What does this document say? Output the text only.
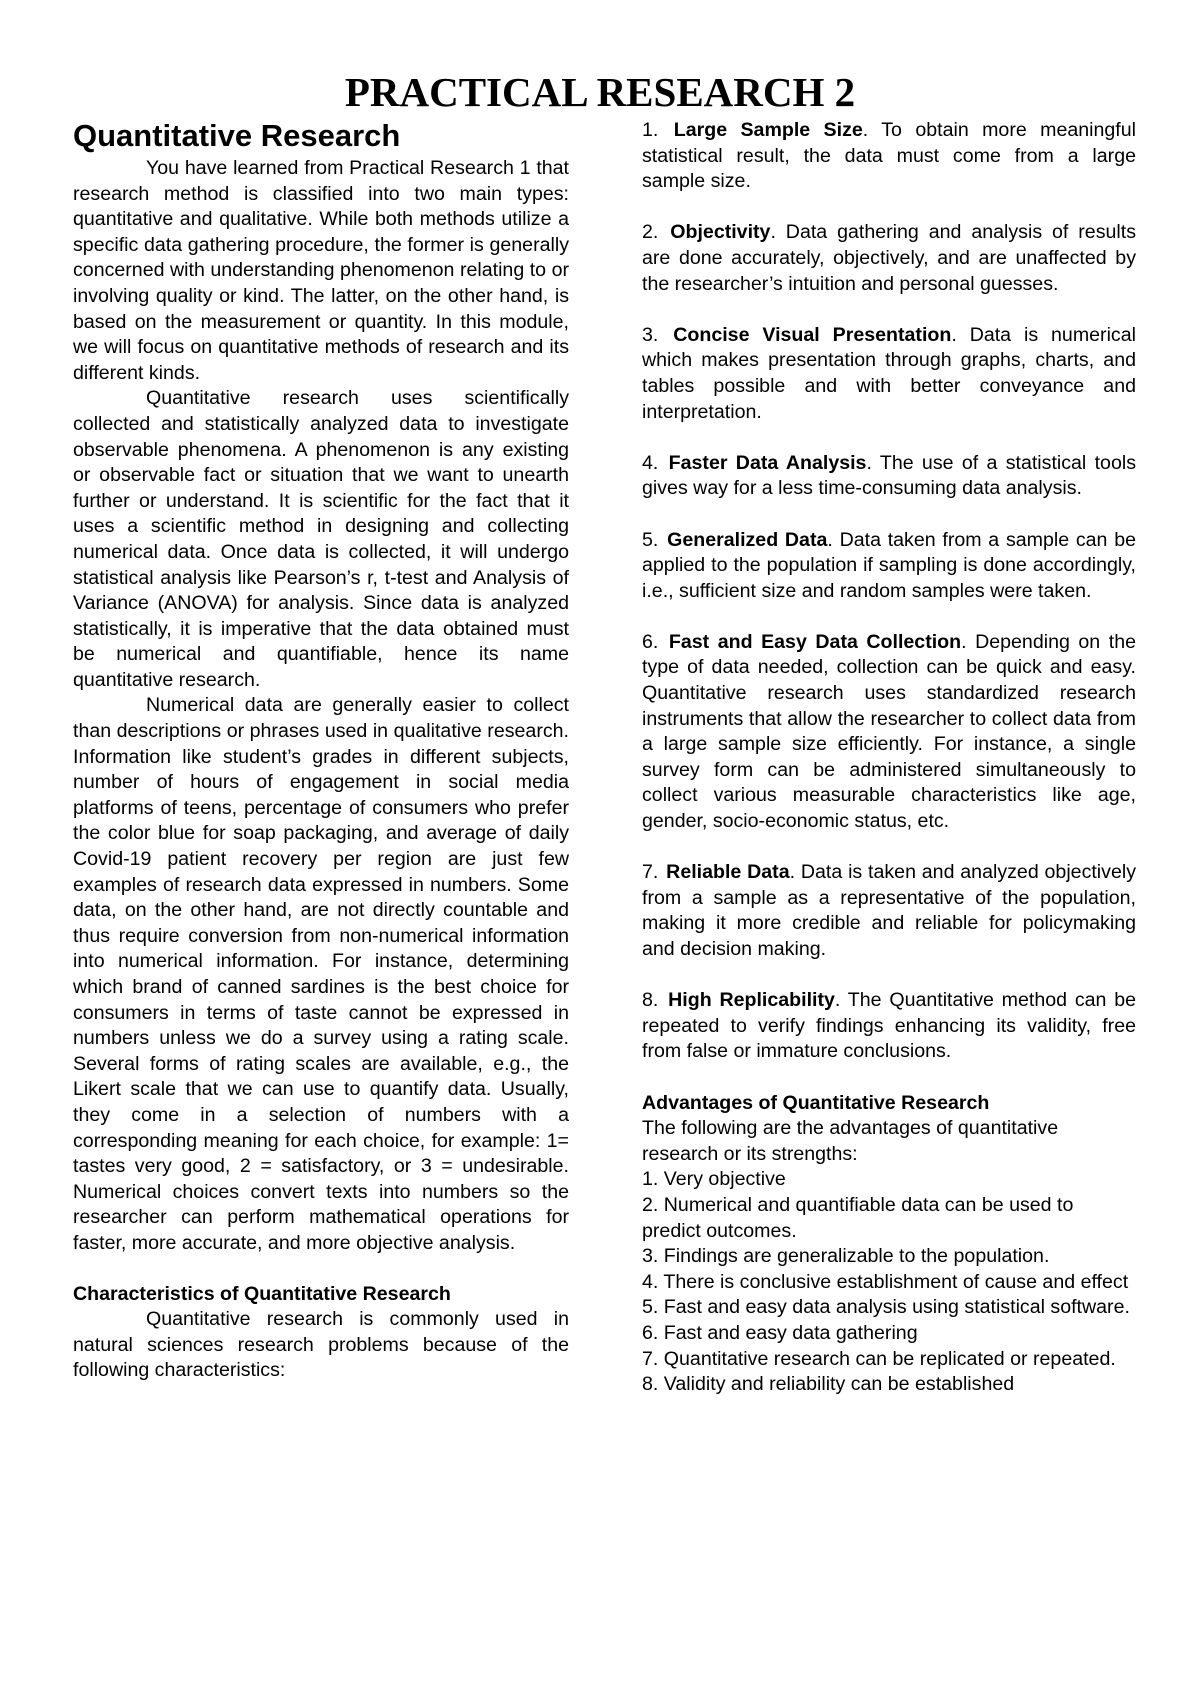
PRACTICAL RESEARCH 2
Quantitative Research

You have learned from Practical Research 1 that research method is classified into two main types: quantitative and qualitative. While both methods utilize a specific data gathering procedure, the former is generally concerned with understanding phenomenon relating to or involving quality or kind. The latter, on the other hand, is based on the measurement or quantity. In this module, we will focus on quantitative methods of research and its different kinds.

Quantitative research uses scientifically collected and statistically analyzed data to investigate observable phenomena. A phenomenon is any existing or observable fact or situation that we want to unearth further or understand. It is scientific for the fact that it uses a scientific method in designing and collecting numerical data. Once data is collected, it will undergo statistical analysis like Pearson’s r, t-test and Analysis of Variance (ANOVA) for analysis. Since data is analyzed statistically, it is imperative that the data obtained must be numerical and quantifiable, hence its name quantitative research.

Numerical data are generally easier to collect than descriptions or phrases used in qualitative research. Information like student’s grades in different subjects, number of hours of engagement in social media platforms of teens, percentage of consumers who prefer the color blue for soap packaging, and average of daily Covid-19 patient recovery per region are just few examples of research data expressed in numbers. Some data, on the other hand, are not directly countable and thus require conversion from non-numerical information into numerical information. For instance, determining which brand of canned sardines is the best choice for consumers in terms of taste cannot be expressed in numbers unless we do a survey using a rating scale. Several forms of rating scales are available, e.g., the Likert scale that we can use to quantify data. Usually, they come in a selection of numbers with a corresponding meaning for each choice, for example: 1= tastes very good, 2 = satisfactory, or 3 = undesirable. Numerical choices convert texts into numbers so the researcher can perform mathematical operations for faster, more accurate, and more objective analysis.

Characteristics of Quantitative Research

Quantitative research is commonly used in natural sciences research problems because of the following characteristics:

1. Large Sample Size. To obtain more meaningful statistical result, the data must come from a large sample size.

2. Objectivity. Data gathering and analysis of results are done accurately, objectively, and are unaffected by the researcher’s intuition and personal guesses.

3. Concise Visual Presentation. Data is numerical which makes presentation through graphs, charts, and tables possible and with better conveyance and interpretation.

4. Faster Data Analysis. The use of a statistical tools gives way for a less time-consuming data analysis.

5. Generalized Data. Data taken from a sample can be applied to the population if sampling is done accordingly, i.e., sufficient size and random samples were taken.

6. Fast and Easy Data Collection. Depending on the type of data needed, collection can be quick and easy. Quantitative research uses standardized research instruments that allow the researcher to collect data from a large sample size efficiently. For instance, a single survey form can be administered simultaneously to collect various measurable characteristics like age, gender, socio-economic status, etc.

7. Reliable Data. Data is taken and analyzed objectively from a sample as a representative of the population, making it more credible and reliable for policymaking and decision making.

8. High Replicability. The Quantitative method can be repeated to verify findings enhancing its validity, free from false or immature conclusions.

Advantages of Quantitative Research

The following are the advantages of quantitative research or its strengths:

1. Very objective
2. Numerical and quantifiable data can be used to predict outcomes.
3. Findings are generalizable to the population.
4. There is conclusive establishment of cause and effect
5. Fast and easy data analysis using statistical software.
6. Fast and easy data gathering
7. Quantitative research can be replicated or repeated.
8. Validity and reliability can be established
